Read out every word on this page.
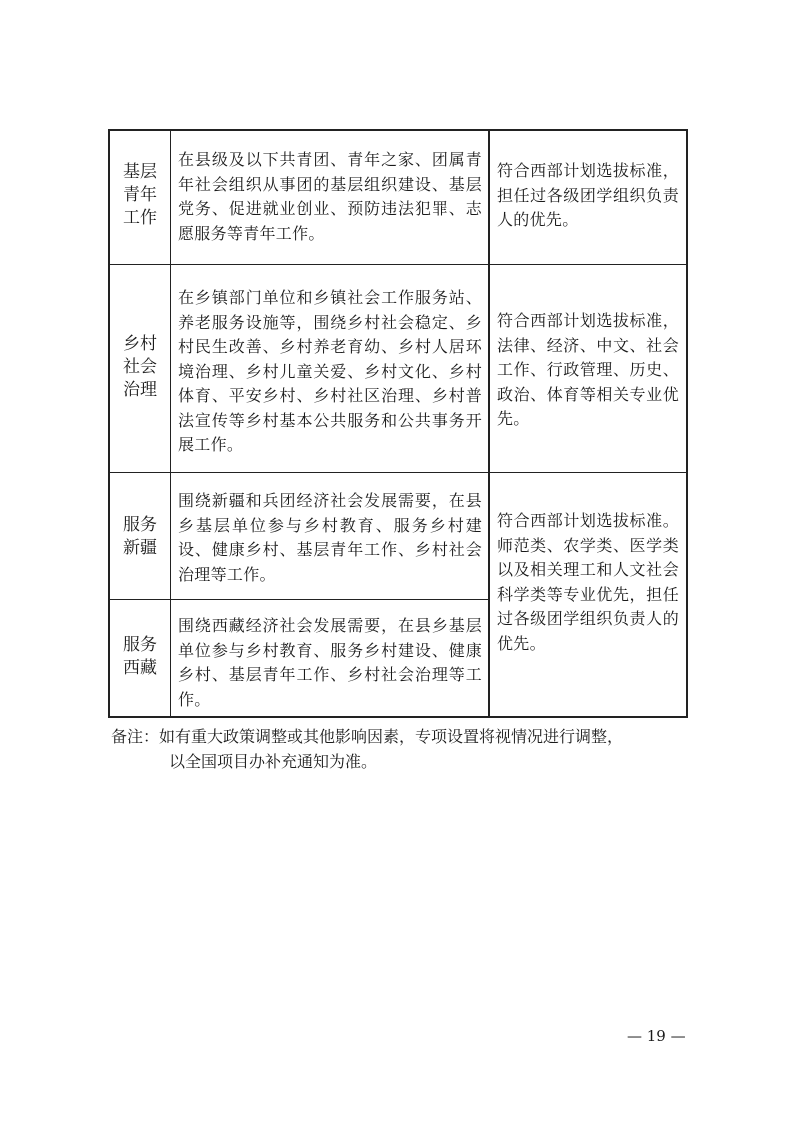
基层
青年
工作
在县级及以下共青团、青年之家、团属青年社会组织从事团的基层组织建设、基层党务、促进就业创业、预防违法犯罪、志愿服务等青年工作。
符合西部计划选拔标准，担任过各级团学组织负责人的优先。
乡村
社会
治理
在乡镇部门单位和乡镇社会工作服务站、养老服务设施等，围绕乡村社会稳定、乡村民生改善、乡村养老育幼、乡村人居环境治理、乡村儿童关爱、乡村文化、乡村体育、平安乡村、乡村社区治理、乡村普法宣传等乡村基本公共服务和公共事务开展工作。
符合西部计划选拔标准，法律、经济、中文、社会工作、行政管理、历史、政治、体育等相关专业优先。
服务
新疆
围绕新疆和兵团经济社会发展需要，在县乡基层单位参与乡村教育、服务乡村建设、健康乡村、基层青年工作、乡村社会治理等工作。
服务
西藏
围绕西藏经济社会发展需要，在县乡基层单位参与乡村教育、服务乡村建设、健康乡村、基层青年工作、乡村社会治理等工作。
符合西部计划选拔标准。师范类、农学类、医学类以及相关理工和人文社会科学类等专业优先，担任过各级团学组织负责人的优先。
备注：如有重大政策调整或其他影响因素，专项设置将视情况进行调整，
以全国项目办补充通知为准。
— 19 —
